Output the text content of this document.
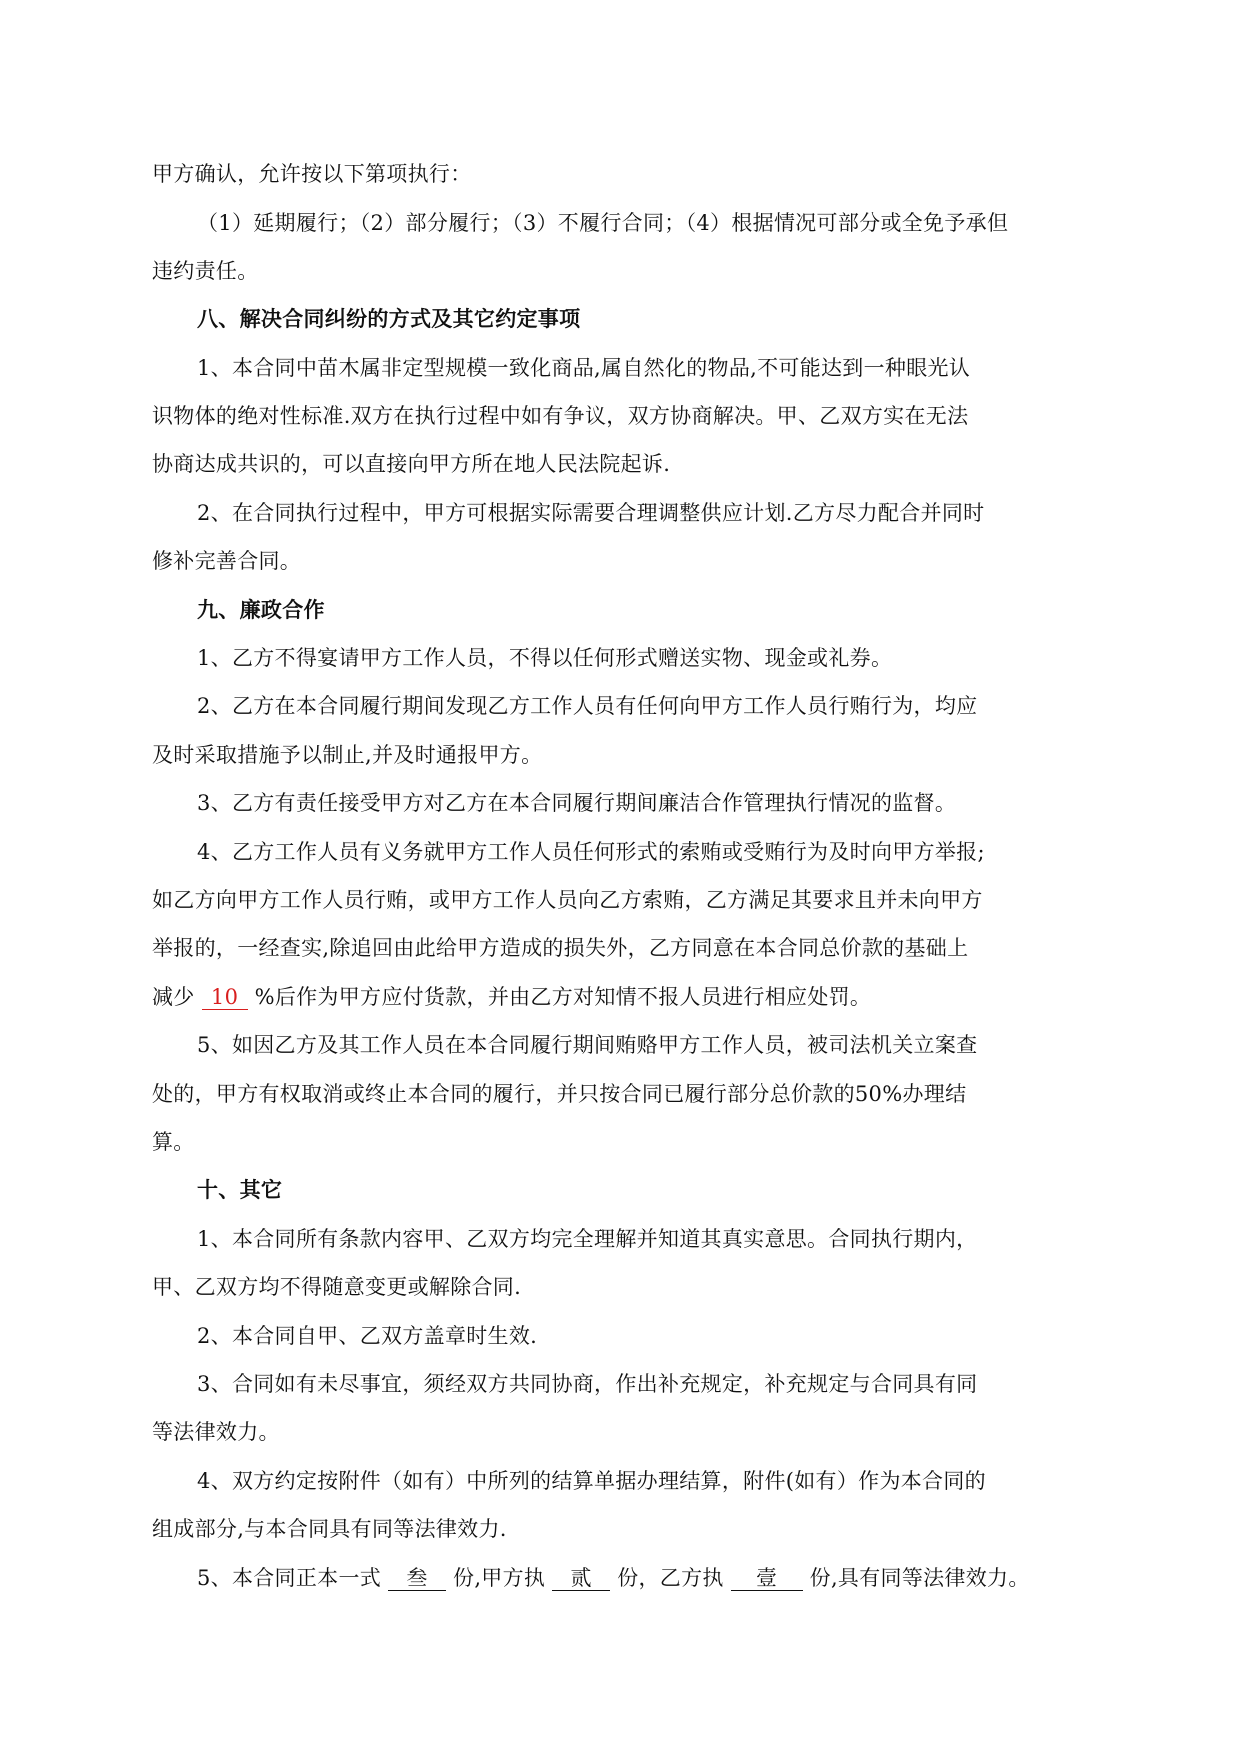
甲方确认，允许按以下第项执行：
（1）延期履行；（2）部分履行；（3）不履行合同；（4）根据情况可部分或全免予承但
违约责任。
八、解决合同纠纷的方式及其它约定事项
1、本合同中苗木属非定型规模一致化商品,属自然化的物品,不可能达到一种眼光认
识物体的绝对性标准.双方在执行过程中如有争议，双方协商解决。甲、乙双方实在无法
协商达成共识的，可以直接向甲方所在地人民法院起诉.
2、在合同执行过程中，甲方可根据实际需要合理调整供应计划.乙方尽力配合并同时
修补完善合同。
九、廉政合作
1、乙方不得宴请甲方工作人员，不得以任何形式赠送实物、现金或礼券。
2、乙方在本合同履行期间发现乙方工作人员有任何向甲方工作人员行贿行为，均应
及时采取措施予以制止,并及时通报甲方。
3、乙方有责任接受甲方对乙方在本合同履行期间廉洁合作管理执行情况的监督。
4、乙方工作人员有义务就甲方工作人员任何形式的索贿或受贿行为及时向甲方举报;
如乙方向甲方工作人员行贿，或甲方工作人员向乙方索贿，乙方满足其要求且并未向甲方
举报的，一经查实,除追回由此给甲方造成的损失外，乙方同意在本合同总价款的基础上
减少 10 %后作为甲方应付货款，并由乙方对知情不报人员进行相应处罚。
5、如因乙方及其工作人员在本合同履行期间贿赂甲方工作人员，被司法机关立案查
处的，甲方有权取消或终止本合同的履行，并只按合同已履行部分总价款的50%办理结
算。
十、其它
1、本合同所有条款内容甲、乙双方均完全理解并知道其真实意思。合同执行期内，
甲、乙双方均不得随意变更或解除合同.
2、本合同自甲、乙双方盖章时生效.
3、合同如有未尽事宜，须经双方共同协商，作出补充规定，补充规定与合同具有同
等法律效力。
4、双方约定按附件（如有）中所列的结算单据办理结算，附件(如有）作为本合同的
组成部分,与本合同具有同等法律效力.
5、本合同正本一式 叁 份,甲方执 贰 份，乙方执 壹 份,具有同等法律效力。
